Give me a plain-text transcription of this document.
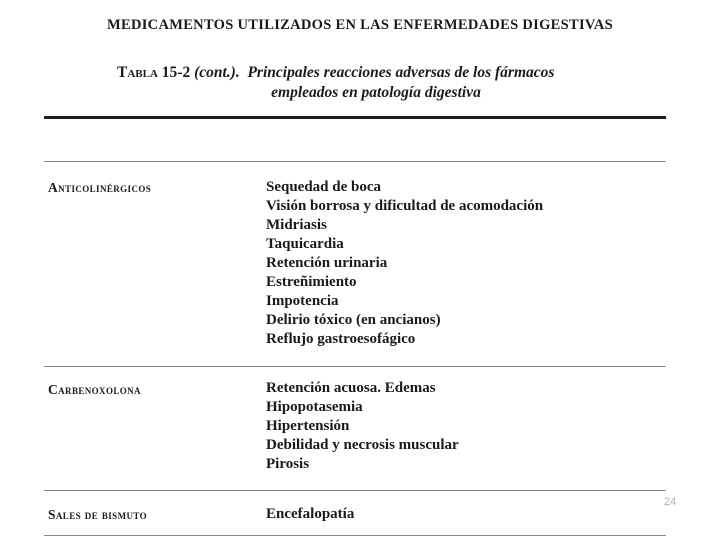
MEDICAMENTOS UTILIZADOS EN LAS ENFERMEDADES DIGESTIVAS
Tabla 15-2 (cont.). Principales reacciones adversas de los fármacos
empleados en patología digestiva
Anticolinérgicos	Sequedad de boca
Visión borrosa y dificultad de acomodación
Midriasis
Taquicardia
Retención urinaria
Estreñimiento
Impotencia
Delirio tóxico (en ancianos)
Reflujo gastroesofágico
Carbenoxolona	Retención acuosa. Edemas
Hipopotasemia
Hipertensión
Debilidad y necrosis muscular
Pirosis
Sales de bismuto	Encefalopatía
24
